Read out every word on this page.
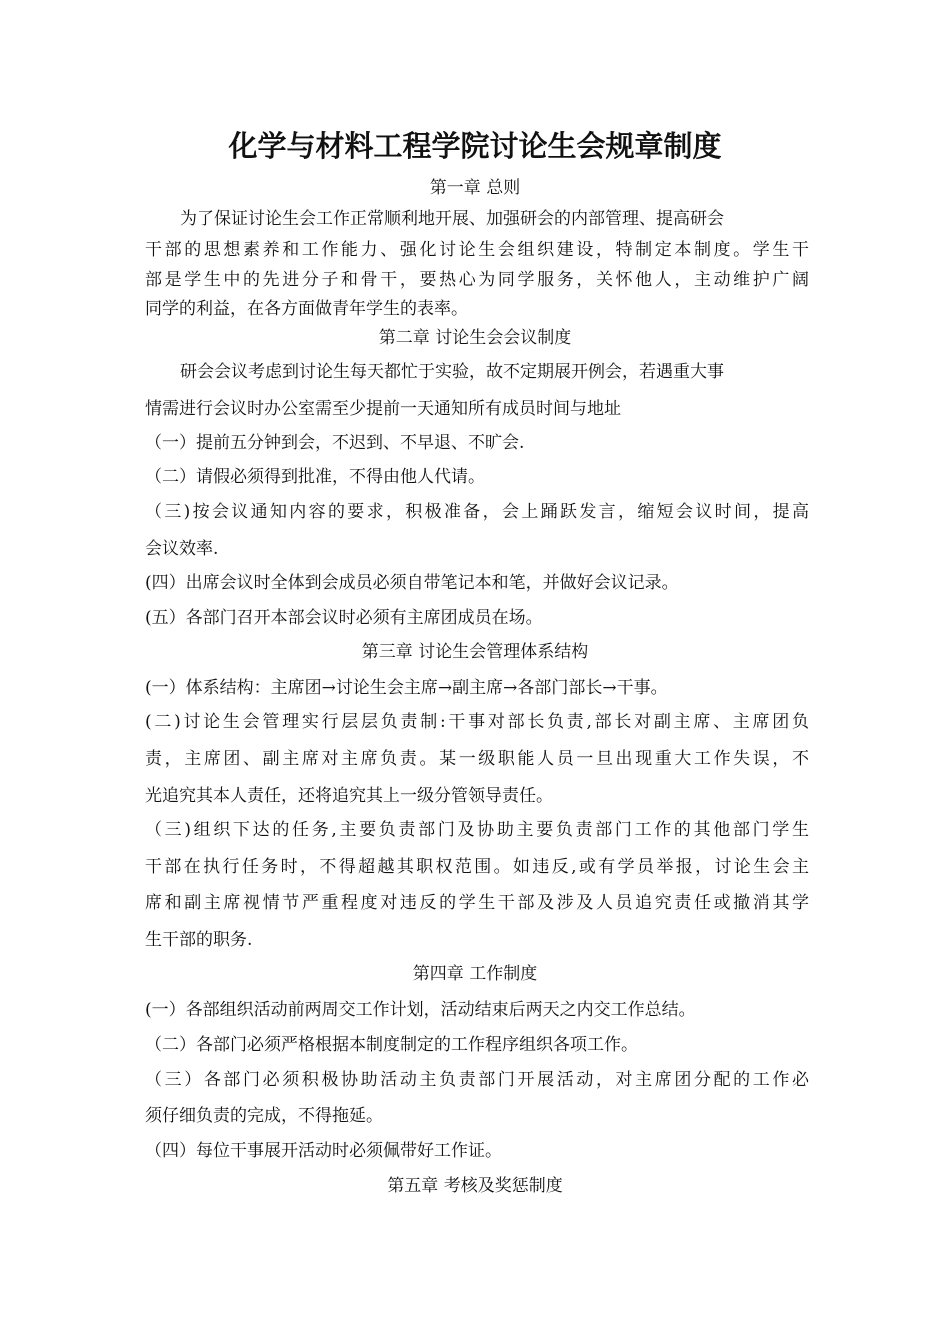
化学与材料工程学院讨论生会规章制度
第一章 总则
为了保证讨论生会工作正常顺利地开展、加强研会的内部管理、提高研会
干部的思想素养和工作能力、强化讨论生会组织建设，特制定本制度。学生干
部是学生中的先进分子和骨干，要热心为同学服务，关怀他人，主动维护广阔
同学的利益，在各方面做青年学生的表率。
第二章 讨论生会会议制度
研会会议考虑到讨论生每天都忙于实验，故不定期展开例会，若遇重大事
情需进行会议时办公室需至少提前一天通知所有成员时间与地址
（一）提前五分钟到会，不迟到、不早退、不旷会.
（二）请假必须得到批准，不得由他人代请。
（三)按会议通知内容的要求，积极准备，会上踊跃发言，缩短会议时间，提高
会议效率.
(四）出席会议时全体到会成员必须自带笔记本和笔，并做好会议记录。
(五）各部门召开本部会议时必须有主席团成员在场。
第三章 讨论生会管理体系结构
(一）体系结构：主席团→讨论生会主席→副主席→各部门部长→干事。
(二)讨论生会管理实行层层负责制:干事对部长负责,部长对副主席、主席团负
责，主席团、副主席对主席负责。某一级职能人员一旦出现重大工作失误，不
光追究其本人责任，还将追究其上一级分管领导责任。
（三)组织下达的任务,主要负责部门及协助主要负责部门工作的其他部门学生
干部在执行任务时，不得超越其职权范围。如违反,或有学员举报，讨论生会主
席和副主席视情节严重程度对违反的学生干部及涉及人员追究责任或撤消其学
生干部的职务.
第四章 工作制度
(一）各部组织活动前两周交工作计划，活动结束后两天之内交工作总结。
（二）各部门必须严格根据本制度制定的工作程序组织各项工作。
（三）各部门必须积极协助活动主负责部门开展活动，对主席团分配的工作必
须仔细负责的完成，不得拖延。
（四）每位干事展开活动时必须佩带好工作证。
第五章 考核及奖惩制度
